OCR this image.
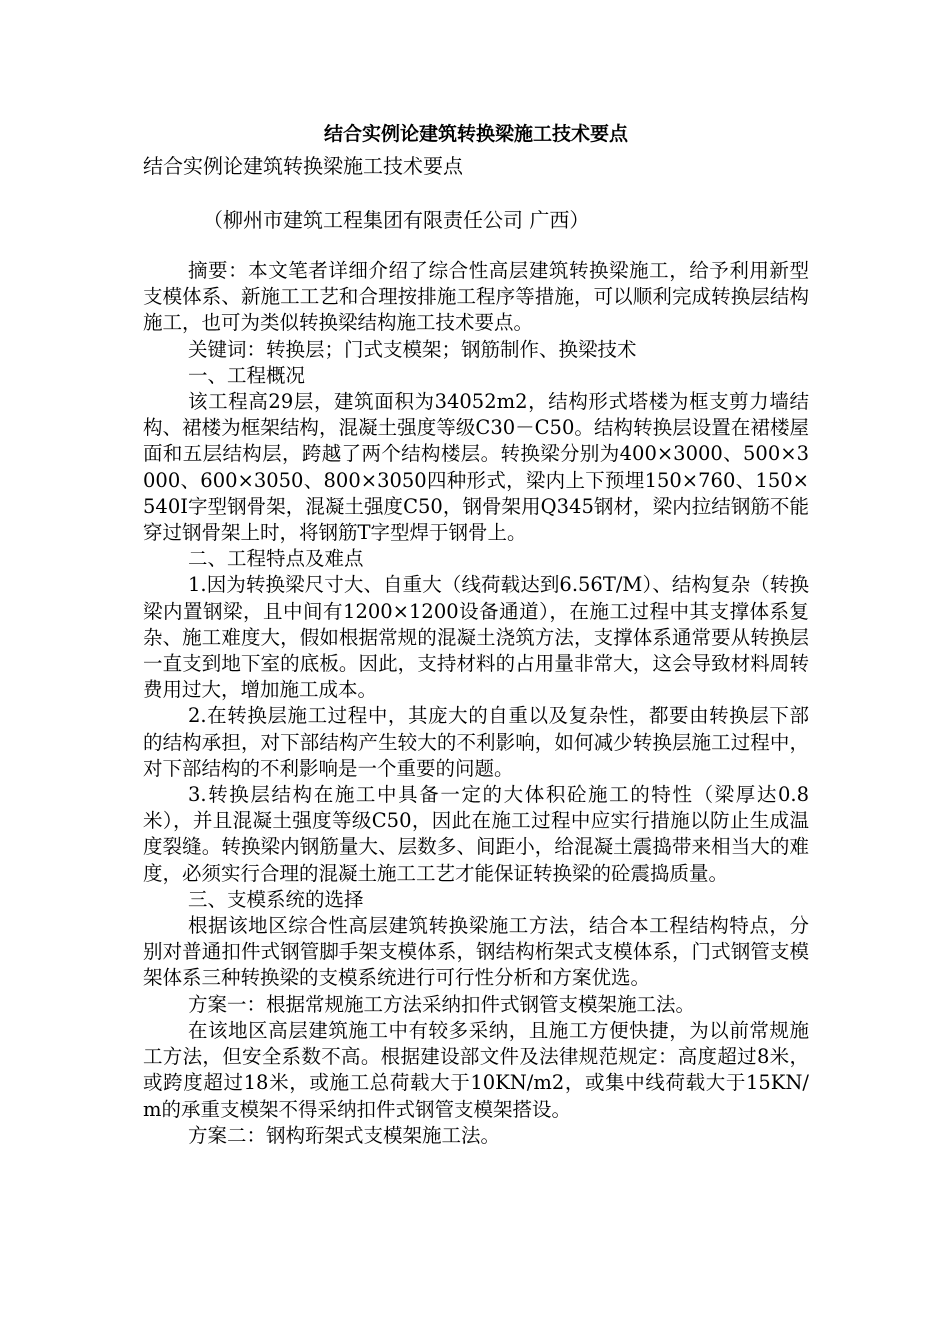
结合实例论建筑转换梁施工技术要点
结合实例论建筑转换梁施工技术要点
（柳州市建筑工程集团有限责任公司 广西）

摘要：本文笔者详细介绍了综合性高层建筑转换梁施工，给予利用新型支模体系、新施工工艺和合理按排施工程序等措施，可以顺利完成转换层结构施工，也可为类似转换梁结构施工技术要点。

关键词：转换层；门式支模架；钢筋制作、换梁技术

一、工程概况

该工程高29层，建筑面积为34052m2，结构形式塔楼为框支剪力墙结构、裙楼为框架结构，混凝土强度等级C30－C50。结构转换层设置在裙楼屋面和五层结构层，跨越了两个结构楼层。转换梁分别为400×3000、500×3000、600×3050、800×3050四种形式，梁内上下预埋150×760、150×540I字型钢骨架，混凝土强度C50，钢骨架用Q345钢材，梁内拉结钢筋不能穿过钢骨架上时，将钢筋T字型焊于钢骨上。

二、工程特点及难点

1.因为转换梁尺寸大、自重大（线荷载达到6.56T/M）、结构复杂（转换梁内置钢梁，且中间有1200×1200设备通道），在施工过程中其支撑体系复杂、施工难度大，假如根据常规的混凝土浇筑方法，支撑体系通常要从转换层一直支到地下室的底板。因此，支持材料的占用量非常大，这会导致材料周转费用过大，增加施工成本。

2.在转换层施工过程中，其庞大的自重以及复杂性，都要由转换层下部的结构承担，对下部结构产生较大的不利影响，如何减少转换层施工过程中，对下部结构的不利影响是一个重要的问题。

3.转换层结构在施工中具备一定的大体积砼施工的特性（梁厚达0.8米），并且混凝土强度等级C50，因此在施工过程中应实行措施以防止生成温度裂缝。转换梁内钢筋量大、层数多、间距小，给混凝土震捣带来相当大的难度，必须实行合理的混凝土施工工艺才能保证转换梁的砼震捣质量。

三、支模系统的选择

根据该地区综合性高层建筑转换梁施工方法，结合本工程结构特点，分别对普通扣件式钢管脚手架支模体系，钢结构桁架式支模体系，门式钢管支模架体系三种转换梁的支模系统进行可行性分析和方案优选。

方案一：根据常规施工方法采纳扣件式钢管支模架施工法。

在该地区高层建筑施工中有较多采纳，且施工方便快捷，为以前常规施工方法，但安全系数不高。根据建设部文件及法律规范规定：高度超过8米，或跨度超过18米，或施工总荷载大于10KN/m2，或集中线荷载大于15KN/m的承重支模架不得采纳扣件式钢管支模架搭设。

方案二：钢构珩架式支模架施工法。
